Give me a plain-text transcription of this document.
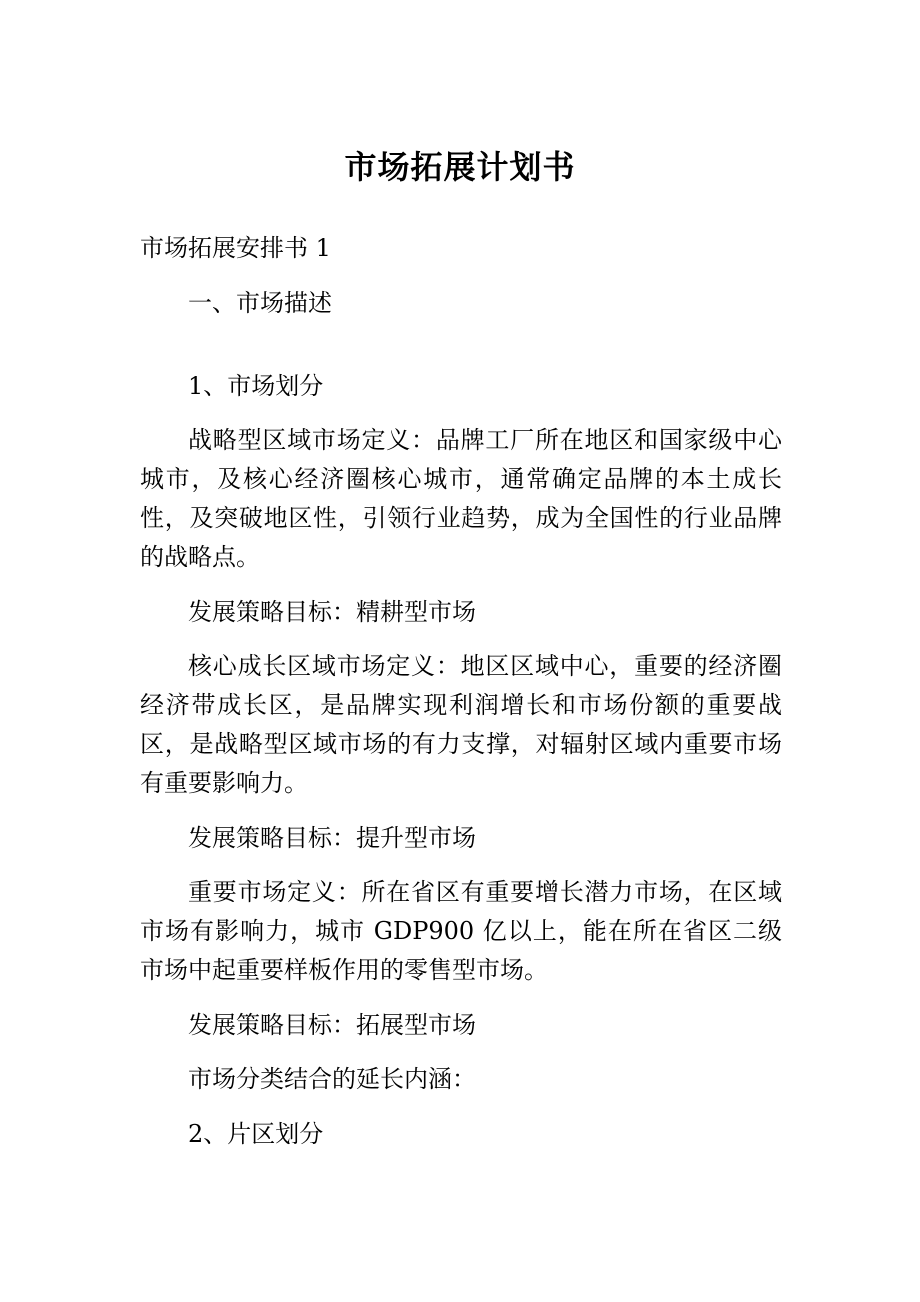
市场拓展计划书

市场拓展安排书 1

一、市场描述

1、市场划分

战略型区域市场定义：品牌工厂所在地区和国家级中心城市，及核心经济圈核心城市，通常确定品牌的本土成长性，及突破地区性，引领行业趋势，成为全国性的行业品牌的战略点。

发展策略目标：精耕型市场

核心成长区域市场定义：地区区域中心，重要的经济圈经济带成长区，是品牌实现利润增长和市场份额的重要战区，是战略型区域市场的有力支撑，对辐射区域内重要市场有重要影响力。

发展策略目标：提升型市场

重要市场定义：所在省区有重要增长潜力市场，在区域市场有影响力，城市 GDP900 亿以上，能在所在省区二级市场中起重要样板作用的零售型市场。

发展策略目标：拓展型市场

市场分类结合的延长内涵：

2、片区划分
